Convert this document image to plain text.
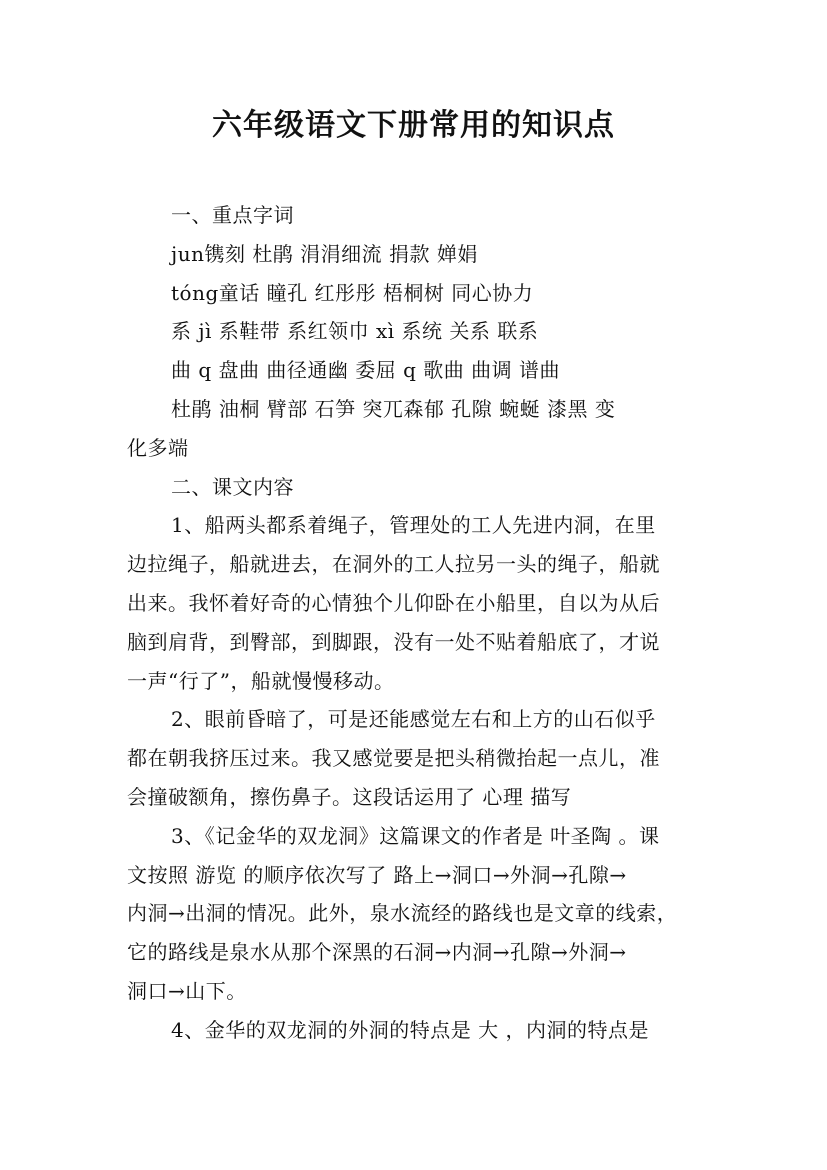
六年级语文下册常用的知识点
一、重点字词
jun镌刻 杜鹃 涓涓细流 捐款 婵娟
tóng童话 瞳孔 红彤彤 梧桐树 同心协力
系 jì 系鞋带 系红领巾 xì 系统 关系 联系
曲 q 盘曲 曲径通幽 委屈 q 歌曲 曲调 谱曲
杜鹃 油桐 臂部 石笋 突兀森郁 孔隙 蜿蜒 漆黑 变
化多端
二、课文内容
1、船两头都系着绳子，管理处的工人先进内洞，在里
边拉绳子，船就进去，在洞外的工人拉另一头的绳子，船就
出来。我怀着好奇的心情独个儿仰卧在小船里，自以为从后
脑到肩背，到臀部，到脚跟，没有一处不贴着船底了，才说
一声“行了”，船就慢慢移动。
2、眼前昏暗了，可是还能感觉左右和上方的山石似乎
都在朝我挤压过来。我又感觉要是把头稍微抬起一点儿，准
会撞破额角，擦伤鼻子。这段话运用了 心理 描写
3、《记金华的双龙洞》这篇课文的作者是 叶圣陶 。课
文按照 游览 的顺序依次写了 路上→洞口→外洞→孔隙→
内洞→出洞的情况。此外，泉水流经的路线也是文章的线索，
它的路线是泉水从那个深黑的石洞→内洞→孔隙→外洞→
洞口→山下。
4、金华的双龙洞的外洞的特点是 大 ，内洞的特点是
